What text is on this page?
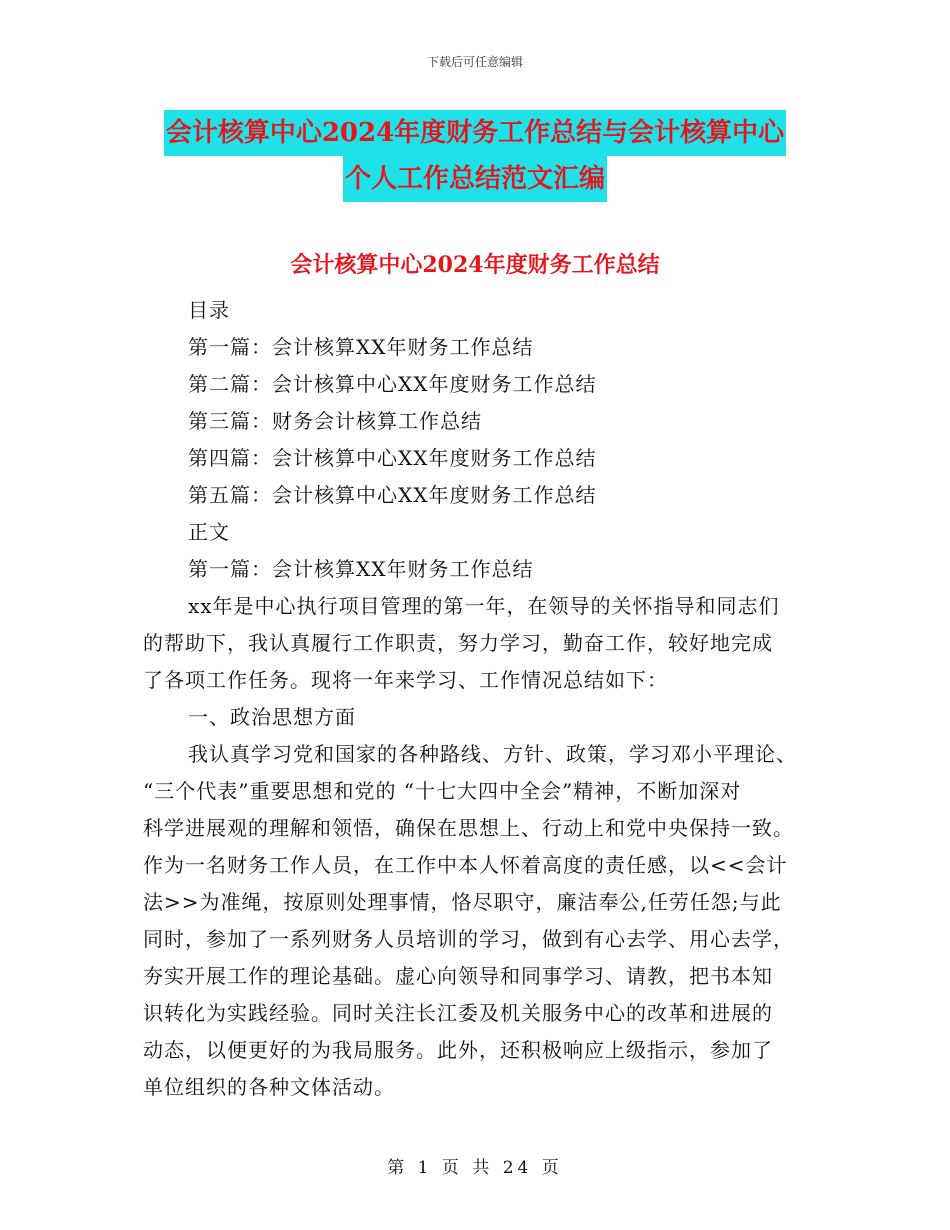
下载后可任意编辑
会计核算中心2024年度财务工作总结与会计核算中心
个人工作总结范文汇编
会计核算中心2024年度财务工作总结
目录
第一篇：会计核算XX年财务工作总结
第二篇：会计核算中心XX年度财务工作总结
第三篇：财务会计核算工作总结
第四篇：会计核算中心XX年度财务工作总结
第五篇：会计核算中心XX年度财务工作总结
正文
第一篇：会计核算XX年财务工作总结
xx年是中心执行项目管理的第一年，在领导的关怀指导和同志们
的帮助下，我认真履行工作职责，努力学习，勤奋工作，较好地完成
了各项工作任务。现将一年来学习、工作情况总结如下：
一、政治思想方面
我认真学习党和国家的各种路线、方针、政策，学习邓小平理论、
“三个代表”重要思想和党的 “十七大四中全会”精神，不断加深对
科学进展观的理解和领悟，确保在思想上、行动上和党中央保持一致。
作为一名财务工作人员，在工作中本人怀着高度的责任感，以<<会计
法>>为准绳，按原则处理事情，恪尽职守，廉洁奉公,任劳任怨;与此
同时，参加了一系列财务人员培训的学习，做到有心去学、用心去学，
夯实开展工作的理论基础。虚心向领导和同事学习、请教，把书本知
识转化为实践经验。同时关注长江委及机关服务中心的改革和进展的
动态，以便更好的为我局服务。此外，还积极响应上级指示，参加了
单位组织的各种文体活动。
第 1 页 共 24 页
